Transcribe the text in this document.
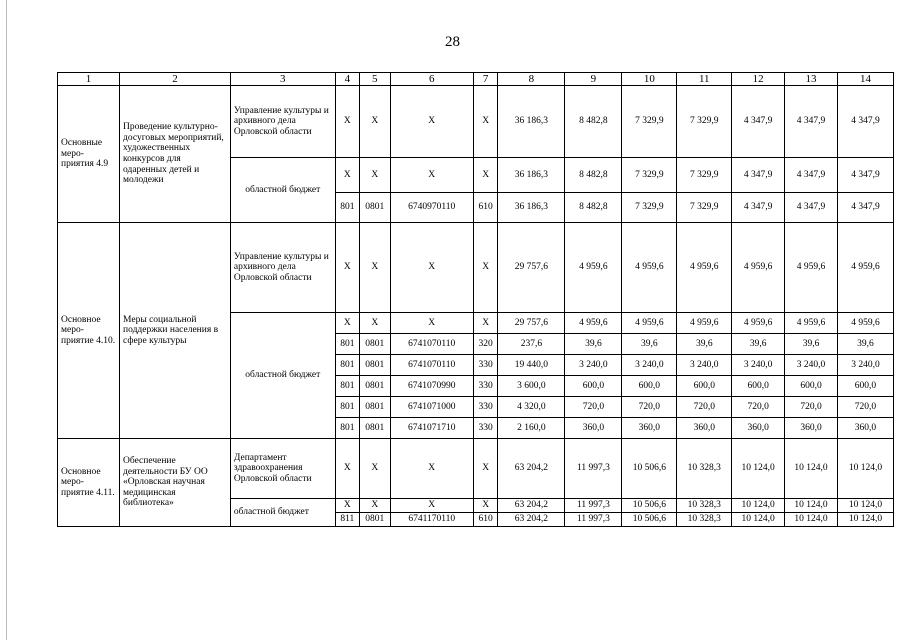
28
1	2	3	4	5	6	7	8	9	10	11	12	13	14
Основные меро-приятия 4.9	Проведение культурно-досуговых мероприятий, художественных конкурсов для одаренных детей и молодежи	Управление культуры и архивного дела Орловской области	X	X	X	X	36 186,3	8 482,8	7 329,9	7 329,9	4 347,9	4 347,9	4 347,9
		областной бюджет	X	X	X	X	36 186,3	8 482,8	7 329,9	7 329,9	4 347,9	4 347,9	4 347,9
			801	0801	6740970110	610	36 186,3	8 482,8	7 329,9	7 329,9	4 347,9	4 347,9	4 347,9
Основное меро-приятие 4.10.	Меры социальной поддержки населения в сфере культуры	Управление культуры и архивного дела Орловской области	X	X	X	X	29 757,6	4 959,6	4 959,6	4 959,6	4 959,6	4 959,6	4 959,6
		областной бюджет	X	X	X	X	29 757,6	4 959,6	4 959,6	4 959,6	4 959,6	4 959,6	4 959,6
			801	0801	6741070110	320	237,6	39,6	39,6	39,6	39,6	39,6	39,6
			801	0801	6741070110	330	19 440,0	3 240,0	3 240,0	3 240,0	3 240,0	3 240,0	3 240,0
			801	0801	6741070990	330	3 600,0	600,0	600,0	600,0	600,0	600,0	600,0
			801	0801	6741071000	330	4 320,0	720,0	720,0	720,0	720,0	720,0	720,0
			801	0801	6741071710	330	2 160,0	360,0	360,0	360,0	360,0	360,0	360,0
Основное меро-приятие 4.11.	Обеспечение деятельности БУ ОО «Орловская научная медицинская библиотека»	Департамент здравоохранения Орловской области	X	X	X	X	63 204,2	11 997,3	10 506,6	10 328,3	10 124,0	10 124,0	10 124,0
		областной бюджет	X	X	X	X	63 204,2	11 997,3	10 506,6	10 328,3	10 124,0	10 124,0	10 124,0
			811	0801	6741170110	610	63 204,2	11 997,3	10 506,6	10 328,3	10 124,0	10 124,0	10 124,0
